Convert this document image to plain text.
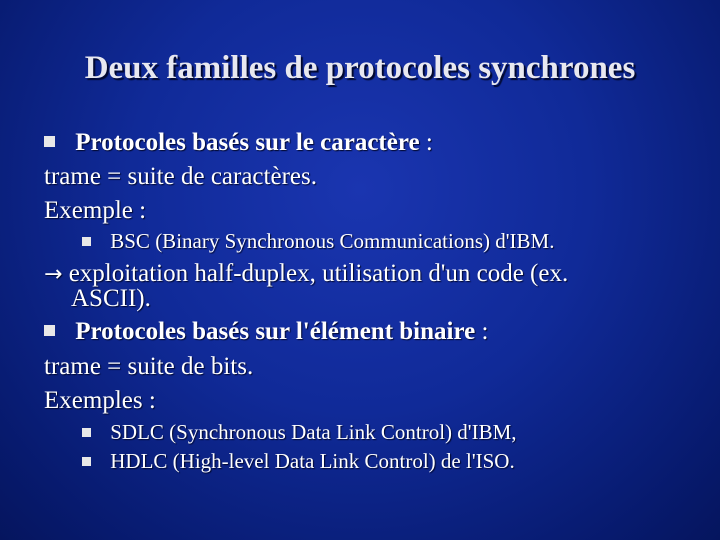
Deux familles de protocoles synchrones
Protocoles basés sur le caractère :
trame = suite de caractères.
Exemple :
BSC (Binary Synchronous Communications) d'IBM.
→ exploitation half-duplex, utilisation d'un code (ex.
ASCII).
Protocoles basés sur l'élément binaire :
trame = suite de bits.
Exemples :
SDLC (Synchronous Data Link Control) d'IBM,
HDLC (High-level Data Link Control) de l'ISO.
